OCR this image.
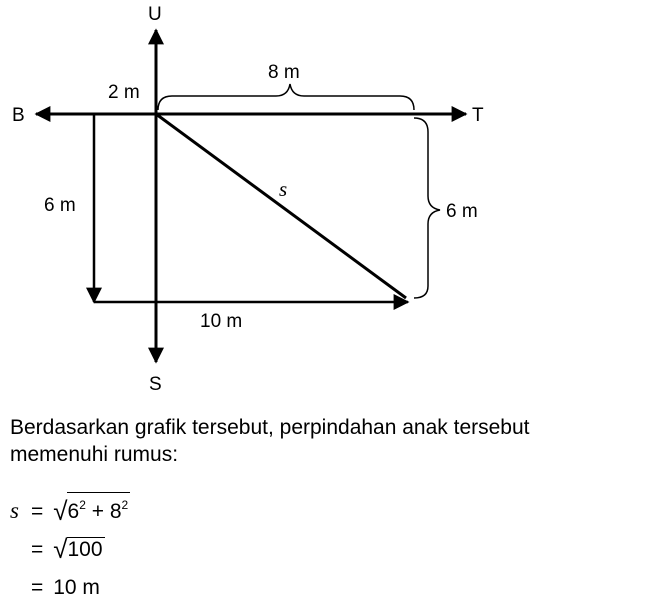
U
S
B	T
2 m
8 m
6 m	6 m
10 m
s
Berdasarkan grafik tersebut, perpindahan anak tersebut
memenuhi rumus:
$s = √6^2 + 8^2$
= √100
= 10 m
